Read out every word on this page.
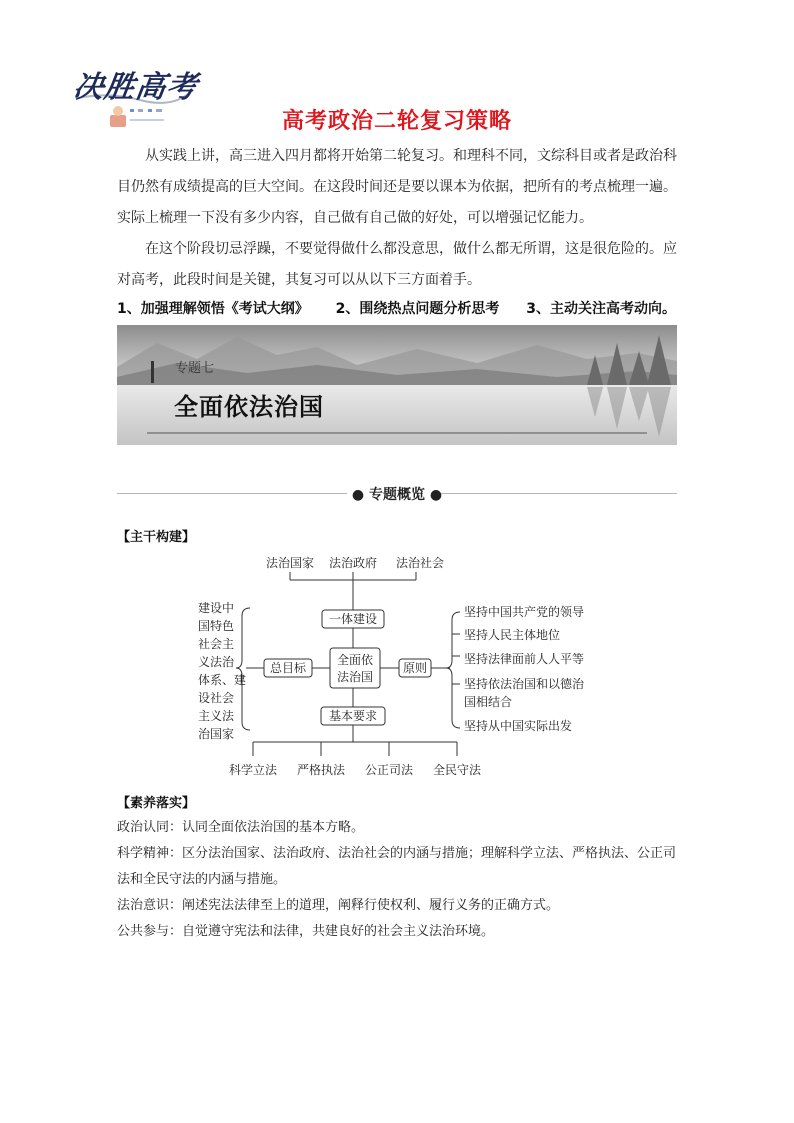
决胜高考
高考政治二轮复习策略
从实践上讲，高三进入四月都将开始第二轮复习。和理科不同，文综科目或者是政治科目仍然有成绩提高的巨大空间。在这段时间还是要以课本为依据，把所有的考点梳理一遍。实际上梳理一下没有多少内容，自己做有自己做的好处，可以增强记忆能力。
在这个阶段切忌浮躁，不要觉得做什么都没意思，做什么都无所谓，这是很危险的。应对高考，此段时间是关键，其复习可以从以下三方面着手。
1、加强理解领悟《考试大纲》 2、围绕热点问题分析思考 3、主动关注高考动向。
专题七
全面依法治国
● 专题概览 ●
【主干构建】
法治国家 法治政府 法治社会
一体建设
全面依
法治国
基本要求
总目标
建设中
国特色
社会主
义法治
体系、建
设社会
主义法
治国家
原则
坚持中国共产党的领导
坚持人民主体地位
坚持法律面前人人平等
坚持依法治国和以德治
国相结合
坚持从中国实际出发
科学立法 严格执法 公正司法 全民守法
【素养落实】
政治认同：认同全面依法治国的基本方略。
科学精神：区分法治国家、法治政府、法治社会的内涵与措施；理解科学立法、严格执法、公正司法和全民守法的内涵与措施。
法治意识：阐述宪法法律至上的道理，阐释行使权利、履行义务的正确方式。
公共参与：自觉遵守宪法和法律，共建良好的社会主义法治环境。
